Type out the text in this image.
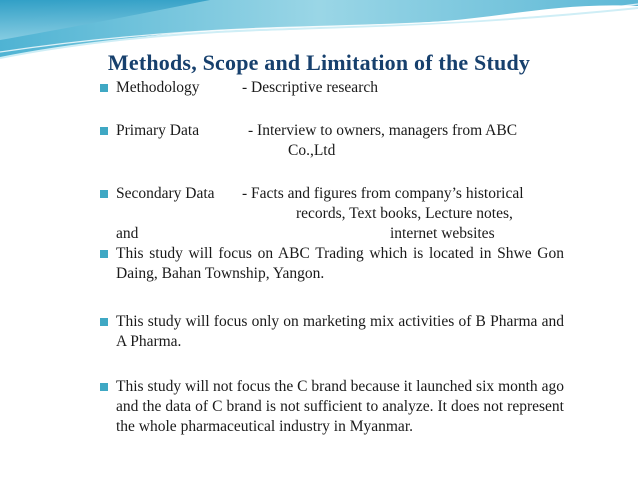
Methods, Scope and Limitation of the Study
Methodology	- Descriptive research
Primary Data	- Interview to owners, managers from ABC
Co.,Ltd
Secondary Data - Facts and figures from company’s historical
records, Text books, Lecture notes,
and	internet websites
This study will focus on ABC Trading which is located in Shwe Gon Daing, Bahan Township, Yangon.
This study will focus only on marketing mix activities of B Pharma and A Pharma.
This study will not focus the C brand because it launched six month ago and the data of C brand is not sufficient to analyze. It does not represent the whole pharmaceutical industry in Myanmar.
